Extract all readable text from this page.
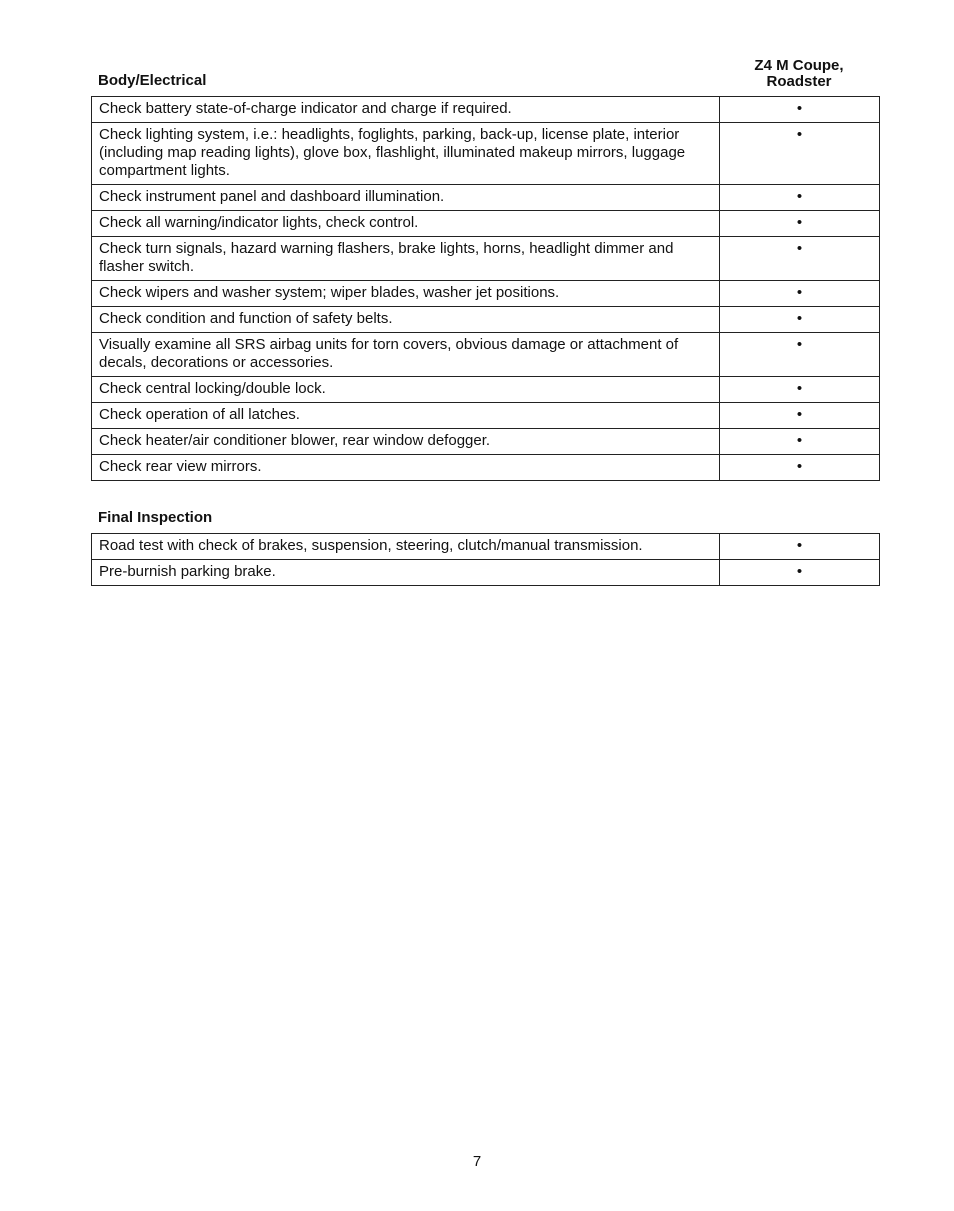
Body/Electrical
Z4 M Coupe,
Roadster
Check battery state-of-charge indicator and charge if required.	•
Check lighting system, i.e.: headlights, foglights, parking, back-up, license plate, interior (including map reading lights), glove box, flashlight, illuminated makeup mirrors, luggage compartment lights.	•
Check instrument panel and dashboard illumination.	•
Check all warning/indicator lights, check control.	•
Check turn signals, hazard warning flashers, brake lights, horns, headlight dimmer and flasher switch.	•
Check wipers and washer system; wiper blades, washer jet positions.	•
Check condition and function of safety belts.	•
Visually examine all SRS airbag units for torn covers, obvious damage or attachment of decals, decorations or accessories.	•
Check central locking/double lock.	•
Check operation of all latches.	•
Check heater/air conditioner blower, rear window defogger.	•
Check rear view mirrors.	•
Final Inspection
Road test with check of brakes, suspension, steering, clutch/manual transmission.	•
Pre-burnish parking brake.	•
7
